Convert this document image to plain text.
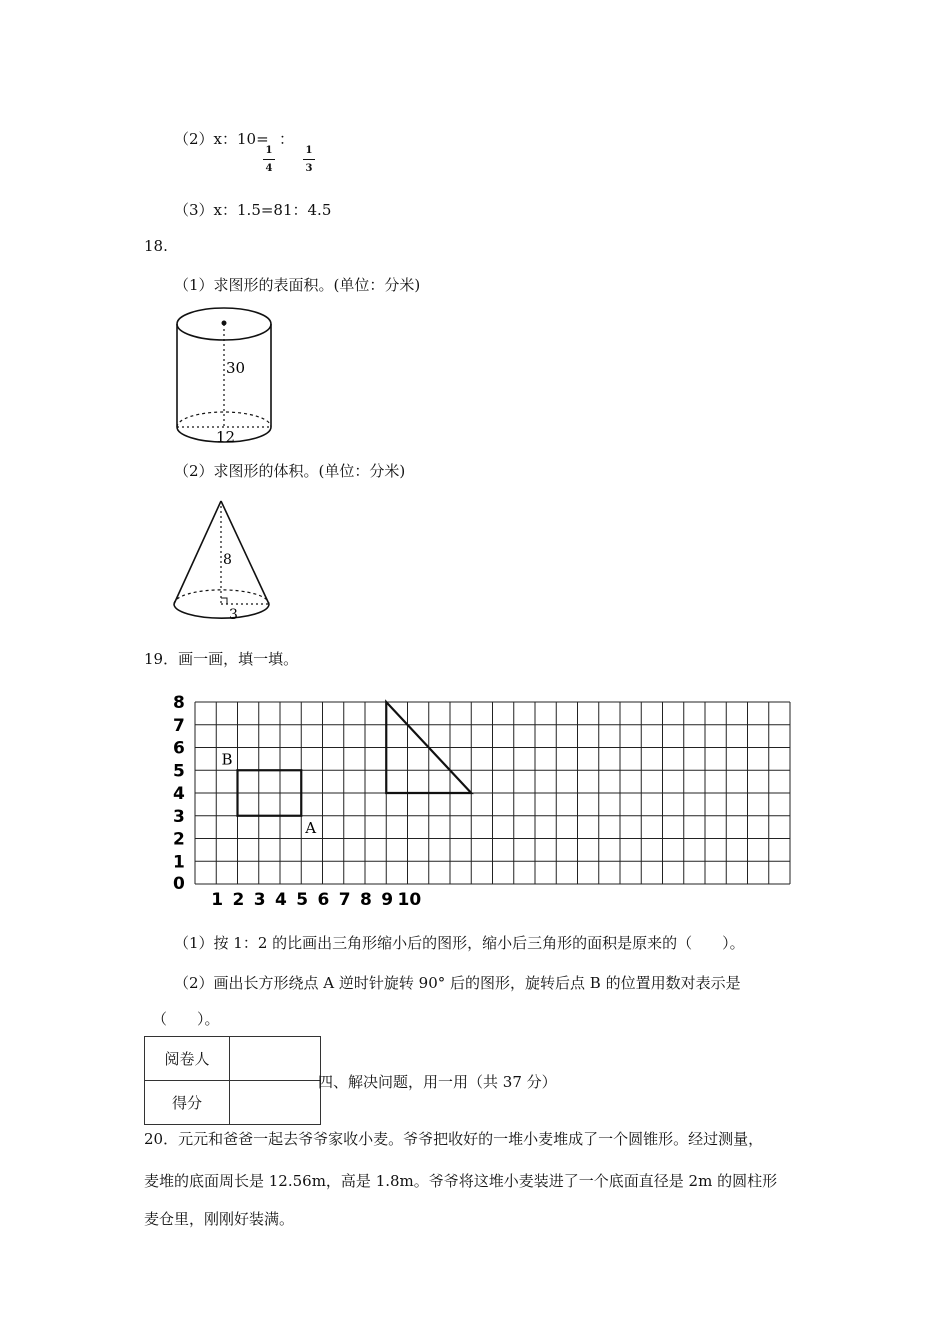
（2）x：10=
1
4
：
1
3
（3）x：1.5=81：4.5
18.
（1）求图形的表面积。(单位：分米)
30
12
（2）求图形的体积。(单位：分米)
8
3
19．画一画，填一填。
8
7
6
5
4
3
2
1
0
1 2 3 4 5 6 7 8 9 10
B
A
（1）按 1：2 的比画出三角形缩小后的图形，缩小后三角形的面积是原来的（　　）。
（2）画出长方形绕点 A 逆时针旋转 90° 后的图形，旋转后点 B 的位置用数对表示是
（　　）。
阅卷人	
得分	
四、解决问题，用一用（共 37 分）
20．元元和爸爸一起去爷爷家收小麦。爷爷把收好的一堆小麦堆成了一个圆锥形。经过测量，
麦堆的底面周长是 12.56m，高是 1.8m。爷爷将这堆小麦装进了一个底面直径是 2m 的圆柱形
麦仓里，刚刚好装满。
